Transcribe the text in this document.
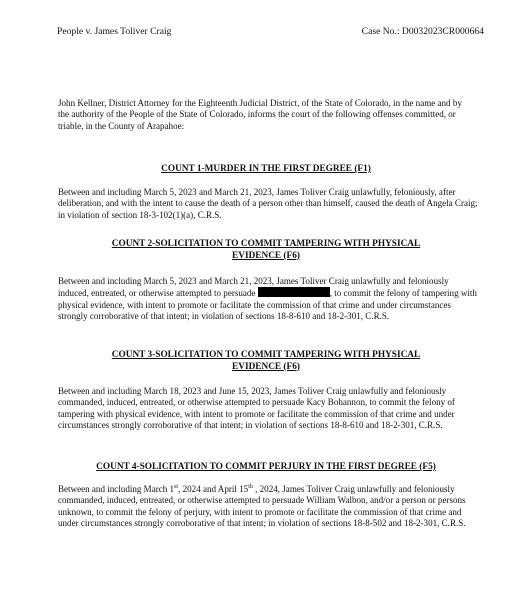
People v. James Toliver Craig	Case No.: D0032023CR000664
John Kellner, District Attorney for the Eighteenth Judicial District, of the State of Colorado, in the name and by the authority of the People of the State of Colorado, informs the court of the following offenses committed, or triable, in the County of Arapahoe:
COUNT 1-MURDER IN THE FIRST DEGREE (F1)
Between and including March 5, 2023 and March 21, 2023, James Toliver Craig unlawfully, feloniously, after deliberation, and with the intent to cause the death of a person other than himself, caused the death of Angela Craig; in violation of section 18-3-102(1)(a), C.R.S.
COUNT 2-SOLICITATION TO COMMIT TAMPERING WITH PHYSICAL
EVIDENCE (F6)
Between and including March 5, 2023 and March 21, 2023, James Toliver Craig unlawfully and feloniously induced, entreated, or otherwise attempted to persuade	, to commit the felony of tampering with physical evidence, with intent to promote or facilitate the commission of that crime and under circumstances strongly corroborative of that intent; in violation of sections 18-8-610 and 18-2-301, C.R.S.
COUNT 3-SOLICITATION TO COMMIT TAMPERING WITH PHYSICAL
EVIDENCE (F6)
Between and including March 18, 2023 and June 15, 2023, James Toliver Craig unlawfully and feloniously commanded, induced, entreated, or otherwise attempted to persuade Kacy Bohannon, to commit the felony of tampering with physical evidence, with intent to promote or facilitate the commission of that crime and under circumstances strongly corroborative of that intent; in violation of sections 18-8-610 and 18-2-301, C.R.S.
COUNT 4-SOLICITATION TO COMMIT PERJURY IN THE FIRST DEGREE (F5)
Between and including March 1st, 2024 and April 15th , 2024, James Toliver Craig unlawfully and feloniously commanded, induced, entreated, or otherwise attempted to persuade William Walbon, and/or a person or persons unknown, to commit the felony of perjury, with intent to promote or facilitate the commission of that crime and under circumstances strongly corroborative of that intent; in violation of sections 18-8-502 and 18-2-301, C.R.S.
